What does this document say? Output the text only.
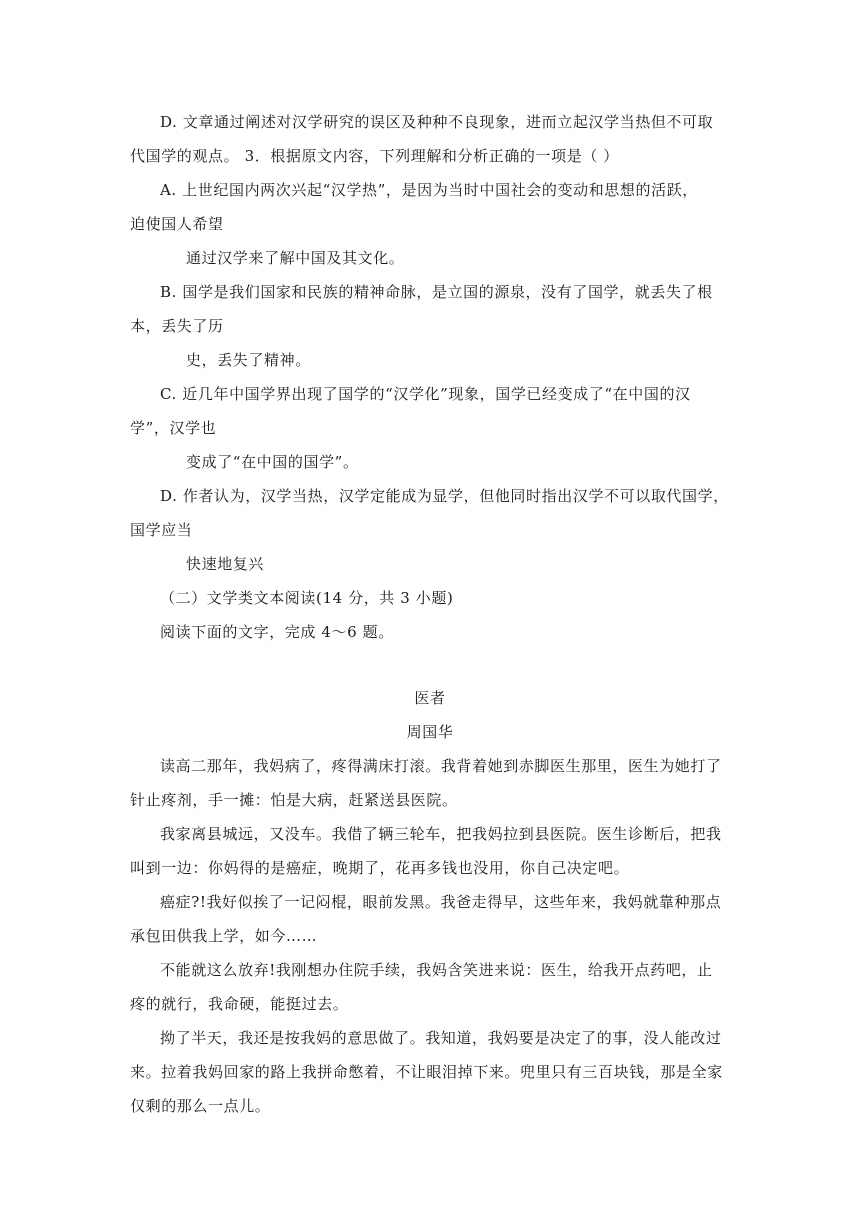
D. 文章通过阐述对汉学研究的误区及种种不良现象，进而立起汉学当热但不可取
代国学的观点。 3．根据原文内容，下列理解和分析正确的一项是（ ）
A. 上世纪国内两次兴起“汉学热”，是因为当时中国社会的变动和思想的活跃，
迫使国人希望
通过汉学来了解中国及其文化。
B. 国学是我们国家和民族的精神命脉，是立国的源泉，没有了国学，就丢失了根
本，丢失了历
史，丢失了精神。
C. 近几年中国学界出现了国学的“汉学化”现象，国学已经变成了“在中国的汉
学”，汉学也
变成了“在中国的国学”。
D. 作者认为，汉学当热，汉学定能成为显学，但他同时指出汉学不可以取代国学，
国学应当
快速地复兴
（二）文学类文本阅读(14 分，共 3 小题)
阅读下面的文字，完成 4～6 题。
医者
周国华
读高二那年，我妈病了，疼得满床打滚。我背着她到赤脚医生那里，医生为她打了
针止疼剂，手一摊：怕是大病，赶紧送县医院。
我家离县城远，又没车。我借了辆三轮车，把我妈拉到县医院。医生诊断后，把我
叫到一边：你妈得的是癌症，晚期了，花再多钱也没用，你自己决定吧。
癌症?!我好似挨了一记闷棍，眼前发黑。我爸走得早，这些年来，我妈就靠种那点
承包田供我上学，如今……
不能就这么放弃!我刚想办住院手续，我妈含笑进来说：医生，给我开点药吧，止
疼的就行，我命硬，能挺过去。
拗了半天，我还是按我妈的意思做了。我知道，我妈要是决定了的事，没人能改过
来。拉着我妈回家的路上我拼命憋着，不让眼泪掉下来。兜里只有三百块钱，那是全家
仅剩的那么一点儿。
